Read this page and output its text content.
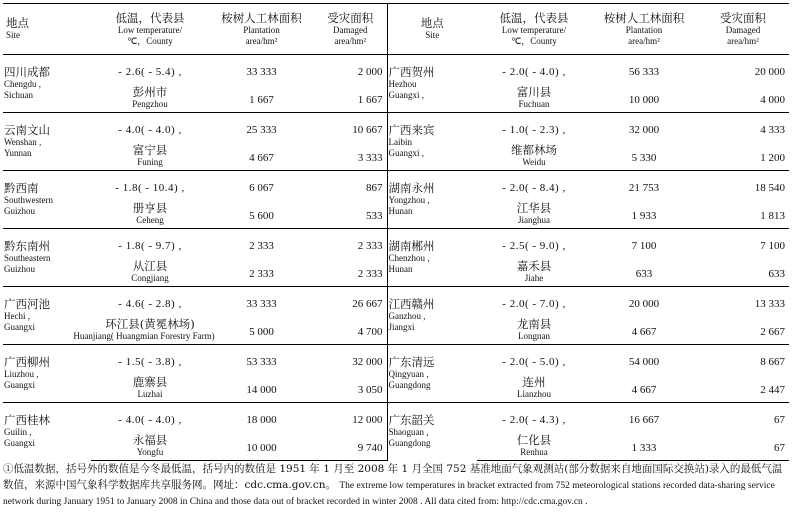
地点
Site	低温，代表县
Low temperature/
℃，County	桉树人工林面积
Plantation
area/hm²	受灾面积
Damaged
area/hm²	地点
Site	低温，代表县
Low temperature/
℃，County	桉树人工林面积
Plantation
area/hm²	受灾面积
Damaged
area/hm²

四川成都
Chengdu ,
Sichuan	- 2.6( - 5.4) ,	33 333	2 000	广西贺州
Hezhou
Guangxi ,	- 2.0( - 4.0) ,	56 333	20 000

	彭州市
Pengzhou	1 667	1 667		富川县
Fuchuan	10 000	4 000

云南文山
Wenshan ,
Yunnan	- 4.0( - 4.0) ,	25 333	10 667	广西来宾
Laibin
Guangxi ,	- 1.0( - 2.3) ,	32 000	4 333

	富宁县
Funing	4 667	3 333		维都林场
Weidu	5 330	1 200

黔西南
Southwestern
Guizhou	- 1.8( - 10.4) ,	6 067	867	湖南永州
Yongzhou ,
Hunan	- 2.0( - 8.4) ,	21 753	18 540

	册亨县
Ceheng	5 600	533		江华县
Jianghua	1 933	1 813

黔东南州
Southeastern
Guizhou	- 1.8( - 9.7) ,	2 333	2 333	湖南郴州
Chenzhou ,
Hunan	- 2.5( - 9.0) ,	7 100	7 100

	从江县
Congjiang	2 333	2 333		嘉禾县
Jiahe	633	633

广西河池
Hechi ,
Guangxi	- 4.6( - 2.8) ,	33 333	26 667	江西赣州
Ganzhou ,
Jiangxi	- 2.0( - 7.0) ,	20 000	13 333

	环江县(黄冕林场)
Huanjiang( Huangmian Forestry Farm)	5 000	4 700		龙南县
Longnan	4 667	2 667

广西柳州
Liuzhou ,
Guangxi	- 1.5( - 3.8) ,	53 333	32 000	广东清远
Qingyuan ,
Guangdong	- 2.0( - 5.0) ,	54 000	8 667

	鹿寨县
Luzhai	14 000	3 050		连州
Lianzhou	4 667	2 447

广西桂林
Guilin ,
Guangxi	- 4.0( - 4.0) ,	18 000	12 000	广东韶关
Shaoguan ,
Guangdong	- 2.0( - 4.3) ,	16 667	67

	永福县
Yongfu	10 000	9 740		仁化县
Renhua	1 333	67
①低温数据，括号外的数值是今冬最低温，括号内的数值是 1951 年 1 月至 2008 年 1 月全国 752 基准地面气象观测站(部分数据来自地面国际交换站)录入的最低气温数值，来源中国气象科学数据库共享服务网。网址：cdc.cma.gov.cn。 The extreme low temperatures in bracket extracted from 752 meteorological stations recorded data-sharing service network during January 1951 to January 2008 in China and those data out of bracket recorded in winter 2008 . All data cited from: http://cdc.cma.gov.cn .
